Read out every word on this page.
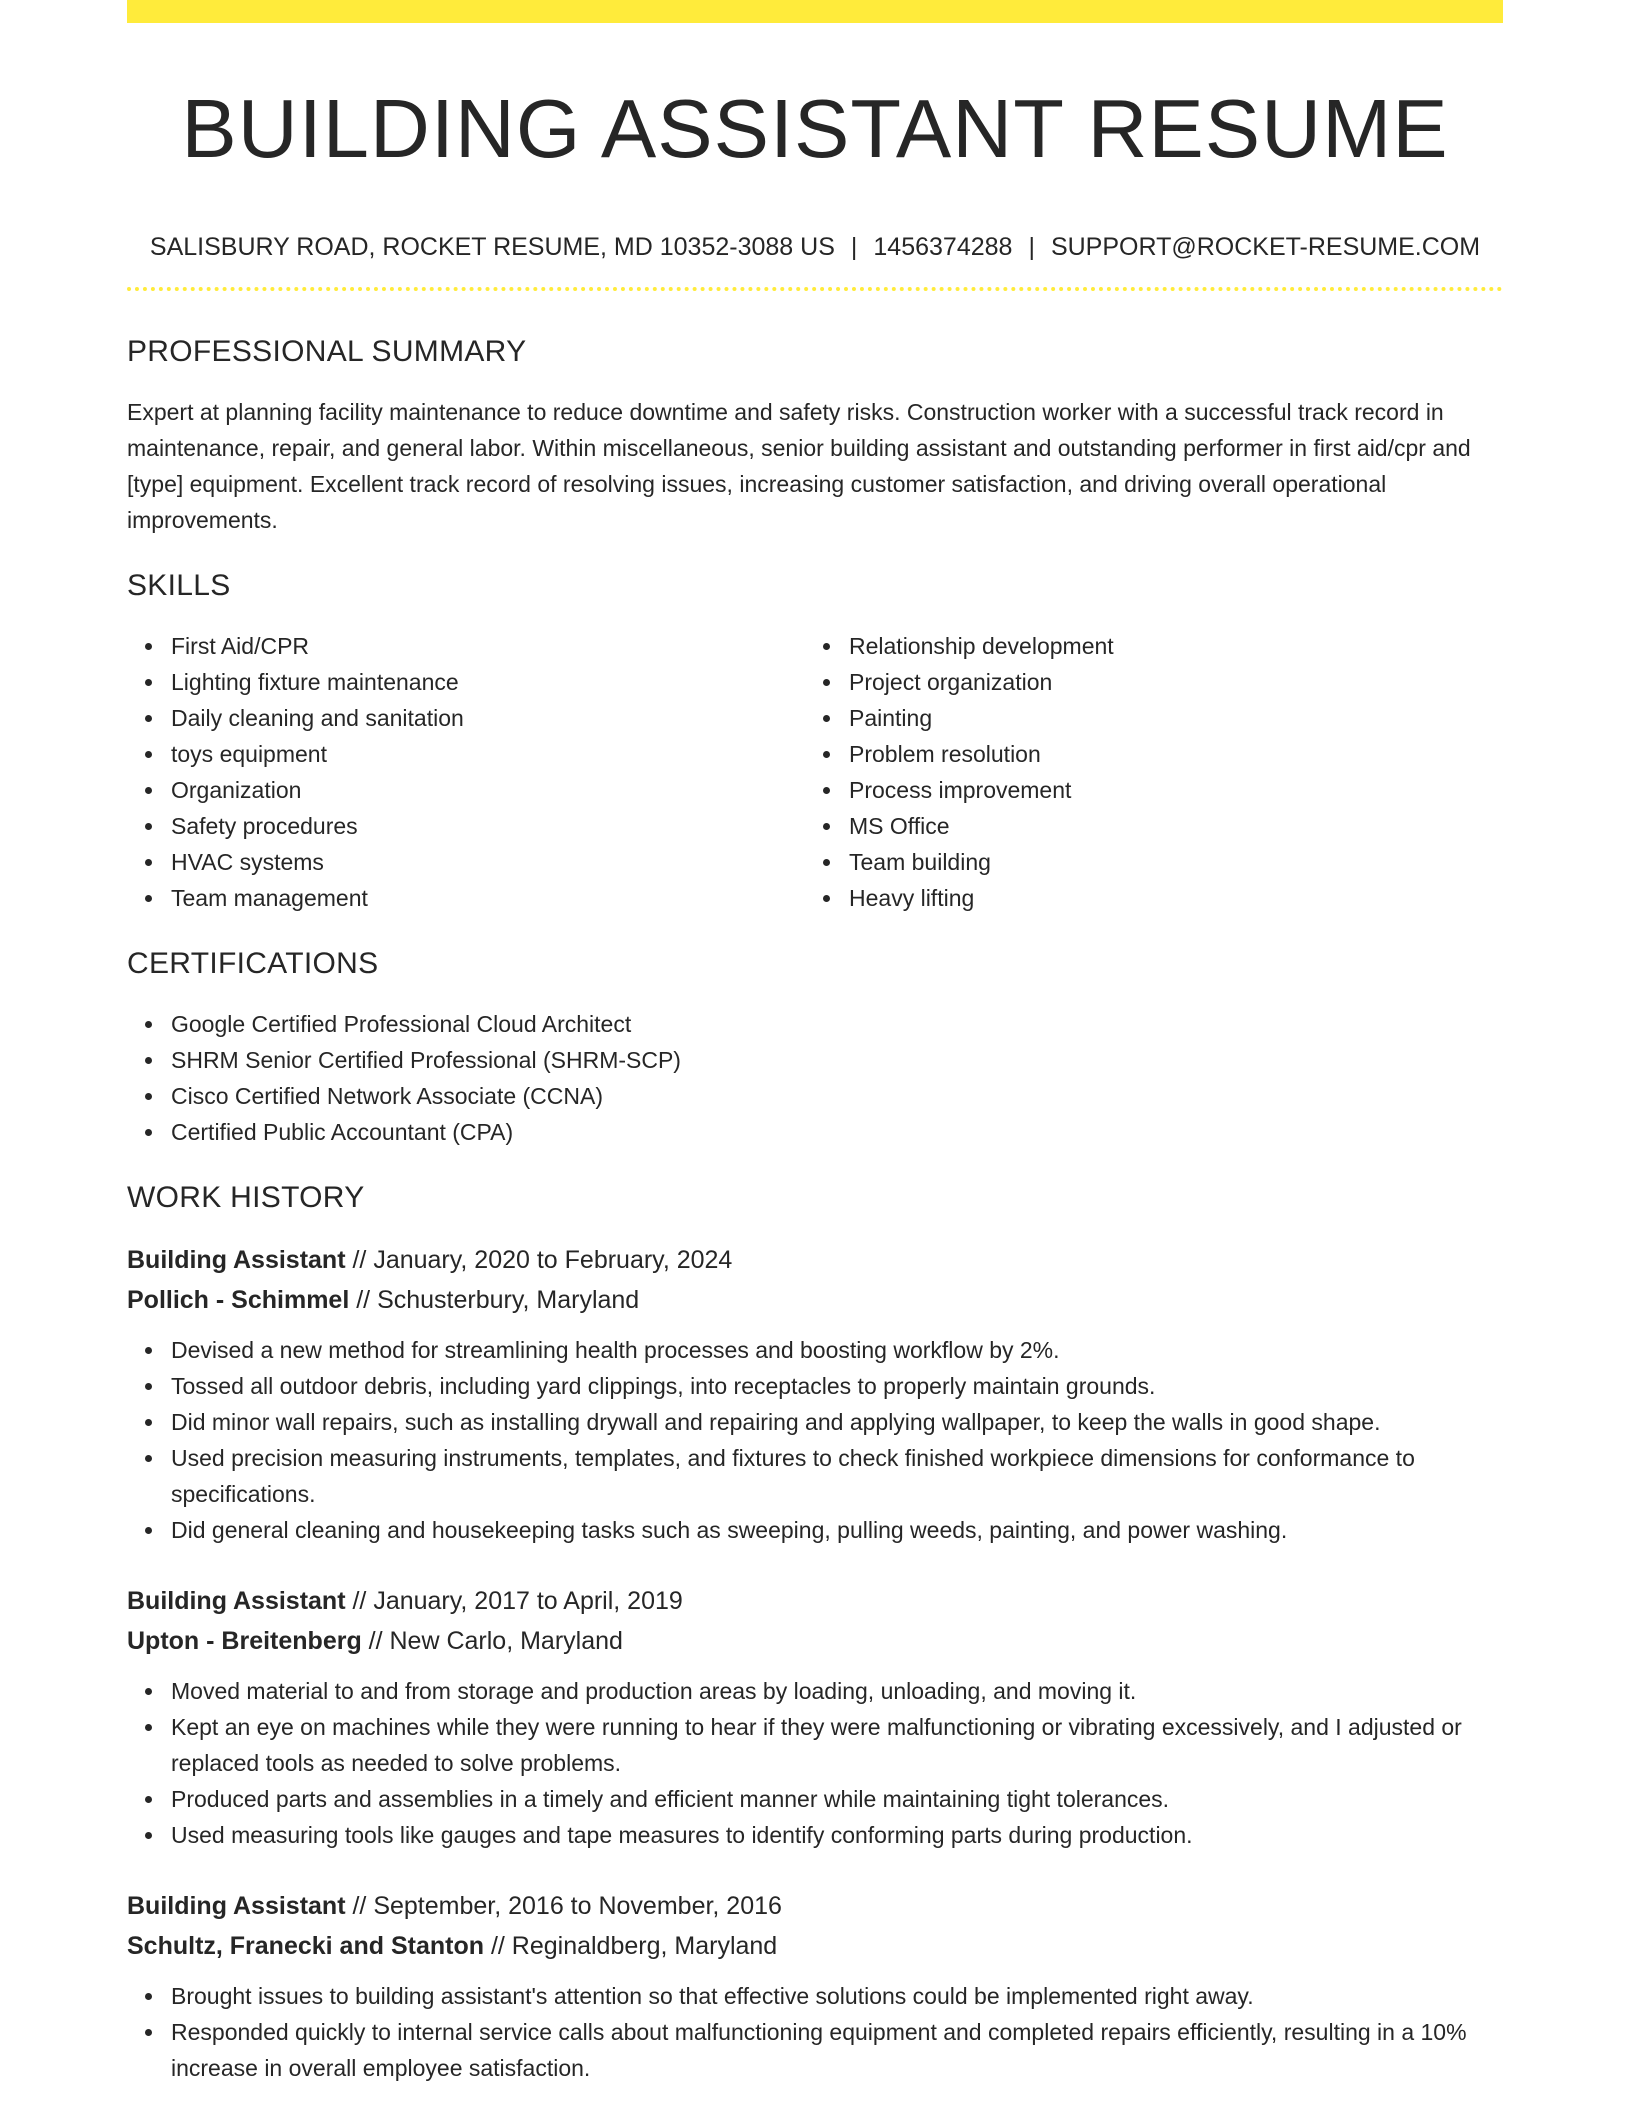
BUILDING ASSISTANT RESUME
SALISBURY ROAD, ROCKET RESUME, MD 10352-3088 US | 1456374288 | SUPPORT@ROCKET-RESUME.COM
PROFESSIONAL SUMMARY

Expert at planning facility maintenance to reduce downtime and safety risks. Construction worker with a successful track record in maintenance, repair, and general labor. Within miscellaneous, senior building assistant and outstanding performer in first aid/cpr and [type] equipment. Excellent track record of resolving issues, increasing customer satisfaction, and driving overall operational improvements.

SKILLS
First Aid/CPR
Lighting fixture maintenance
Daily cleaning and sanitation
toys equipment
Organization
Safety procedures
HVAC systems
Team management
Relationship development
Project organization
Painting
Problem resolution
Process improvement
MS Office
Team building
Heavy lifting
CERTIFICATIONS
Google Certified Professional Cloud Architect
SHRM Senior Certified Professional (SHRM-SCP)
Cisco Certified Network Associate (CCNA)
Certified Public Accountant (CPA)
WORK HISTORY
Building Assistant // January, 2020 to February, 2024
Pollich - Schimmel // Schusterbury, Maryland
Devised a new method for streamlining health processes and boosting workflow by 2%.
Tossed all outdoor debris, including yard clippings, into receptacles to properly maintain grounds.
Did minor wall repairs, such as installing drywall and repairing and applying wallpaper, to keep the walls in good shape.
Used precision measuring instruments, templates, and fixtures to check finished workpiece dimensions for conformance to specifications.
Did general cleaning and housekeeping tasks such as sweeping, pulling weeds, painting, and power washing.
Building Assistant // January, 2017 to April, 2019
Upton - Breitenberg // New Carlo, Maryland
Moved material to and from storage and production areas by loading, unloading, and moving it.
Kept an eye on machines while they were running to hear if they were malfunctioning or vibrating excessively, and I adjusted or replaced tools as needed to solve problems.
Produced parts and assemblies in a timely and efficient manner while maintaining tight tolerances.
Used measuring tools like gauges and tape measures to identify conforming parts during production.
Building Assistant // September, 2016 to November, 2016
Schultz, Franecki and Stanton // Reginaldberg, Maryland
Brought issues to building assistant's attention so that effective solutions could be implemented right away.
Responded quickly to internal service calls about malfunctioning equipment and completed repairs efficiently, resulting in a 10% increase in overall employee satisfaction.
